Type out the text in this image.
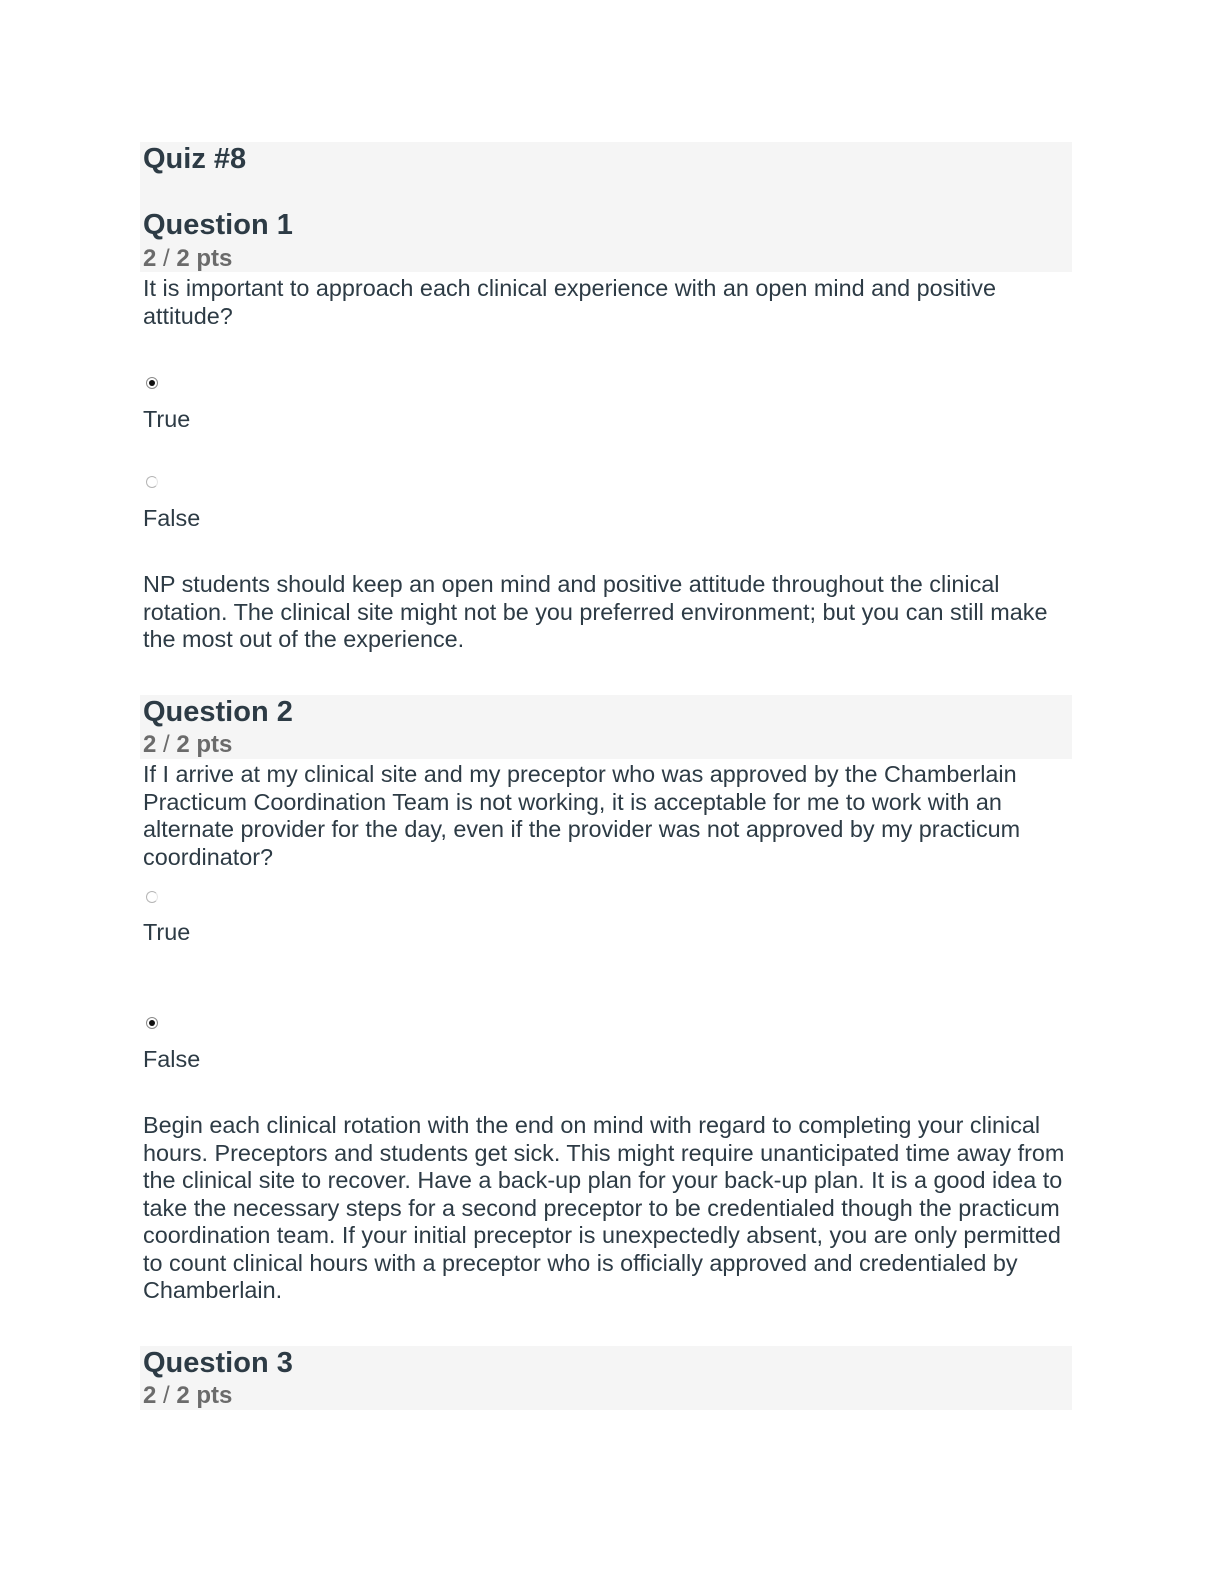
Quiz #8
Question 1
2 / 2 pts

It is important to approach each clinical experience with an open mind and positive attitude?

True
False

NP students should keep an open mind and positive attitude throughout the clinical rotation. The clinical site might not be you preferred environment; but you can still make the most out of the experience.

Question 2
2 / 2 pts

If I arrive at my clinical site and my preceptor who was approved by the Chamberlain Practicum Coordination Team is not working, it is acceptable for me to work with an alternate provider for the day, even if the provider was not approved by my practicum coordinator?

True
False

Begin each clinical rotation with the end on mind with regard to completing your clinical hours. Preceptors and students get sick. This might require unanticipated time away from the clinical site to recover. Have a back-up plan for your back-up plan. It is a good idea to take the necessary steps for a second preceptor to be credentialed though the practicum coordination team. If your initial preceptor is unexpectedly absent, you are only permitted to count clinical hours with a preceptor who is officially approved and credentialed by Chamberlain.

Question 3
2 / 2 pts
